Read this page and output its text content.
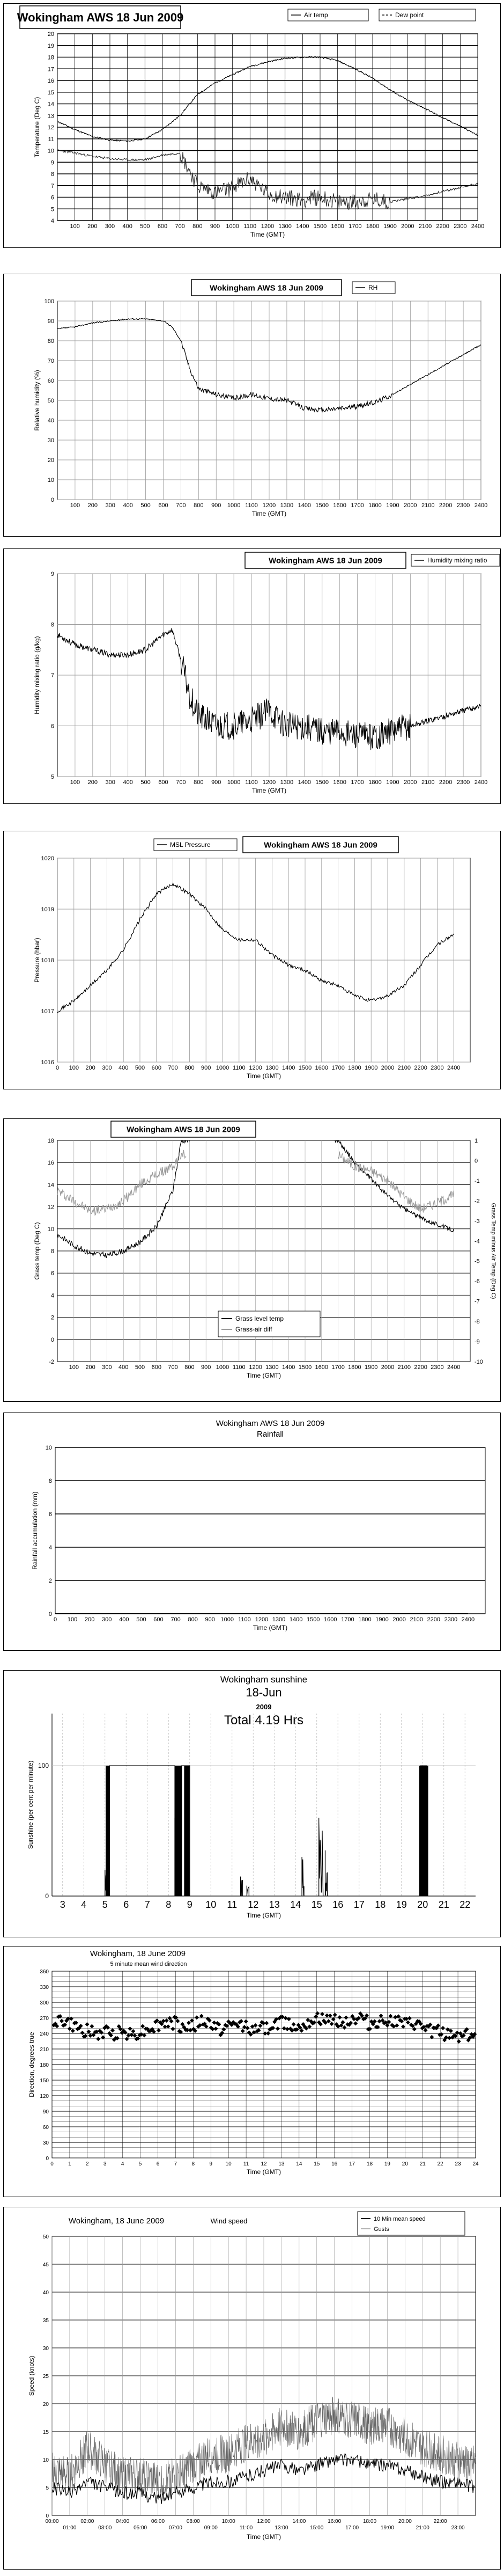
4
5
6
7
8
9
10
11
12
13
14
15
16
17
18
19
20
100 200 300 400 500 600 700 800 900 1000 1100 1200 1300 1400 1500 1600 1700 1800 1900 2000 2100 2200 2300 2400
Time (GMT)
Temperature (Deg C)
Wokingham AWS 18 Jun 2009	Air temp	Dew point
0
10
20
30
40
50
60
70
80
90
100
100 200 300 400 500 600 700 800 900 1000 1100 1200 1300 1400 1500 1600 1700 1800 1900 2000 2100 2200 2300 2400
Time (GMT)
Relative humidity (%)
Wokingham AWS 18 Jun 2009	RH
5
6
7
8
9
100 200 300 400 500 600 700 800 900 1000 1100 1200 1300 1400 1500 1600 1700 1800 1900 2000 2100 2200 2300 2400
Time (GMT)
Humidity mixing ratio (g/kg)
Wokingham AWS 18 Jun 2009	Humidity mixing ratio
1016
1017
1018
1019
1020
0 100 200 300 400 500 600 700 800 900 1000 1100 1200 1300 1400 1500 1600 1700 1800 1900 2000 2100 2200 2300 2400
Time (GMT)
Pressure (hbar)
Wokingham AWS 18 Jun 2009
MSL Pressure
-2
0
2
4
6
8
10
12
14
16
18
100 200 300 400 500 600 700 800 900 1000 1100 1200 1300 1400 1500 1600 1700 1800 1900 2000 2100 2200 2300 2400
Time (GMT)
Grass temp (Deg C)
1
0
-1
-2
-3
-4
-5
-6
-7
-8
-9
-10
Grass Temp minus Air Temp (Deg C)
Wokingham AWS 18 Jun 2009
Grass level temp
Grass-air diff
0
2
4
6
8
10
0 100 200 300 400 500 600 700 800 900 1000 1100 1200 1300 1400 1500 1600 1700 1800 1900 2000 2100 2200 2300 2400
Time (GMT)
Rainfall accumulation (mm)
Wokingham AWS 18 Jun 2009
Rainfall
Wokingham sunshine
18-Jun
2009
Total 4.19 Hrs
0
100
3 4 5 6 7 8 9 10 11 12 13 14 15 16 17 18 19 20 21 22
Time (GMT)
Sunshine (per cent per minute)
0
30
60
90
120
150
180
210
240
270
300
330
360
0	1	2	3	4	5	6	7	8	9 10 11 12 13 14 15 16 17 18 19 20 21 22 23 24
Time (GMT)
Direction, degrees true
Wokingham, 18 June 2009
5 minute mean wind direction
0
5
10
15
20
25
30
35
40
45
50
00:00
01:00
02:00
03:00
04:00
05:00
06:00
07:00
08:00
09:00
10:00
11:00
12:00
13:00
14:00
15:00
16:00
17:00
18:00
19:00
20:00
21:00
22:00
23:00
Time (GMT)
Speed (knots)
Wokingham, 18 June 2009	Wind speed	10 Min mean speed
Gusts
